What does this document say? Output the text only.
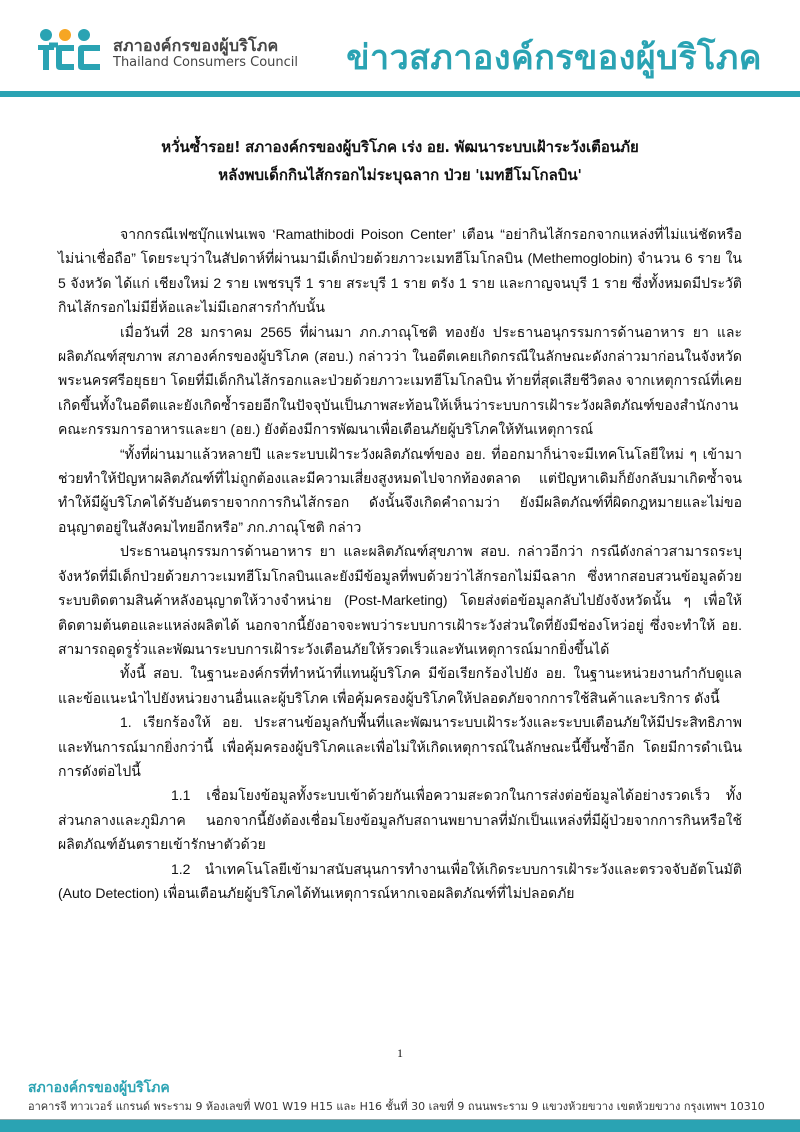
สภาองค์กรของผู้บริโภค
Thailand Consumers Council ข่าวสภาองค์กรของผู้บริโภค
หวั่นซ้ำรอย! สภาองค์กรของผู้บริโภค เร่ง อย. พัฒนาระบบเฝ้าระวังเตือนภัย
หลังพบเด็กกินไส้กรอกไม่ระบุฉลาก ป่วย 'เมทฮีโมโกลบิน'

จากกรณีเฟซบุ๊กแฟนเพจ ‘Ramathibodi Poison Center’ เตือน “อย่ากินไส้กรอกจากแหล่งที่ไม่แน่ชัดหรือไม่น่าเชื่อถือ” โดยระบุว่าในสัปดาห์ที่ผ่านมามีเด็กป่วยด้วยภาวะเมทฮีโมโกลบิน (Methemoglobin) จำนวน 6 ราย ใน 5 จังหวัด ได้แก่ เชียงใหม่ 2 ราย เพชรบุรี 1 ราย สระบุรี 1 ราย ตรัง 1 ราย และกาญจนบุรี 1 ราย ซึ่งทั้งหมดมีประวัติกินไส้กรอกไม่มียี่ห้อและไม่มีเอกสารกำกับนั้น

เมื่อวันที่ 28 มกราคม 2565 ที่ผ่านมา ภก.ภาณุโชติ ทองยัง ประธานอนุกรรมการด้านอาหาร ยา และผลิตภัณฑ์สุขภาพ สภาองค์กรของผู้บริโภค (สอบ.) กล่าวว่า ในอดีตเคยเกิดกรณีในลักษณะดังกล่าวมาก่อนในจังหวัดพระนครศรีอยุธยา โดยที่มีเด็กกินไส้กรอกและป่วยด้วยภาวะเมทฮีโมโกลบิน ท้ายที่สุดเสียชีวิตลง จากเหตุการณ์ที่เคยเกิดขึ้นทั้งในอดีตและยังเกิดซ้ำรอยอีกในปัจจุบันเป็นภาพสะท้อนให้เห็นว่าระบบการเฝ้าระวังผลิตภัณฑ์ของสำนักงานคณะกรรมการอาหารและยา (อย.) ยังต้องมีการพัฒนาเพื่อเตือนภัยผู้บริโภคให้ทันเหตุการณ์

“ทั้งที่ผ่านมาแล้วหลายปี และระบบเฝ้าระวังผลิตภัณฑ์ของ อย. ที่ออกมาก็น่าจะมีเทคโนโลยีใหม่ ๆ เข้ามาช่วยทำให้ปัญหาผลิตภัณฑ์ที่ไม่ถูกต้องและมีความเสี่ยงสูงหมดไปจากท้องตลาด แต่ปัญหาเดิมก็ยังกลับมาเกิดซ้ำจนทำให้มีผู้บริโภคได้รับอันตรายจากการกินไส้กรอก ดังนั้นจึงเกิดคำถามว่า ยังมีผลิตภัณฑ์ที่ผิดกฎหมายและไม่ขออนุญาตอยู่ในสังคมไทยอีกหรือ” ภก.ภาณุโชติ กล่าว

ประธานอนุกรรมการด้านอาหาร ยา และผลิตภัณฑ์สุขภาพ สอบ. กล่าวอีกว่า กรณีดังกล่าวสามารถระบุจังหวัดที่มีเด็กป่วยด้วยภาวะเมทฮีโมโกลบินและยังมีข้อมูลที่พบด้วยว่าไส้กรอกไม่มีฉลาก ซึ่งหากสอบสวนข้อมูลด้วยระบบติดตามสินค้าหลังอนุญาตให้วางจำหน่าย (Post-Marketing) โดยส่งต่อข้อมูลกลับไปยังจังหวัดนั้น ๆ เพื่อให้ติดตามต้นตอและแหล่งผลิตได้ นอกจากนี้ยังอาจจะพบว่าระบบการเฝ้าระวังส่วนใดที่ยังมีช่องโหว่อยู่ ซึ่งจะทำให้ อย. สามารถอุดรูรั่วและพัฒนาระบบการเฝ้าระวังเตือนภัยให้รวดเร็วและทันเหตุการณ์มากยิ่งขึ้นได้

ทั้งนี้ สอบ. ในฐานะองค์กรที่ทำหน้าที่แทนผู้บริโภค มีข้อเรียกร้องไปยัง อย. ในฐานะหน่วยงานกำกับดูแล และข้อแนะนำไปยังหน่วยงานอื่นและผู้บริโภค เพื่อคุ้มครองผู้บริโภคให้ปลอดภัยจากการใช้สินค้าและบริการ ดังนี้

1. เรียกร้องให้ อย. ประสานข้อมูลกับพื้นที่และพัฒนาระบบเฝ้าระวังและระบบเตือนภัยให้มีประสิทธิภาพและทันการณ์มากยิ่งกว่านี้ เพื่อคุ้มครองผู้บริโภคและเพื่อไม่ให้เกิดเหตุการณ์ในลักษณะนี้ขึ้นซ้ำอีก โดยมีการดำเนินการดังต่อไปนี้

1.1 เชื่อมโยงข้อมูลทั้งระบบเข้าด้วยกันเพื่อความสะดวกในการส่งต่อข้อมูลได้อย่างรวดเร็ว ทั้งส่วนกลางและภูมิภาค นอกจากนี้ยังต้องเชื่อมโยงข้อมูลกับสถานพยาบาลที่มักเป็นแหล่งที่มีผู้ป่วยจากการกินหรือใช้ผลิตภัณฑ์อันตรายเข้ารักษาตัวด้วย

1.2 นำเทคโนโลยีเข้ามาสนับสนุนการทำงานเพื่อให้เกิดระบบการเฝ้าระวังและตรวจจับอัตโนมัติ (Auto Detection) เพื่อนเตือนภัยผู้บริโภคได้ทันเหตุการณ์หากเจอผลิตภัณฑ์ที่ไม่ปลอดภัย

1
สภาองค์กรของผู้บริโภค
อาคารจี ทาวเวอร์ แกรนด์ พระราม 9 ห้องเลขที่ W01 W19 H15 และ H16 ชั้นที่ 30 เลขที่ 9 ถนนพระราม 9 แขวงห้วยขวาง เขตห้วยขวาง กรุงเทพฯ 10310
